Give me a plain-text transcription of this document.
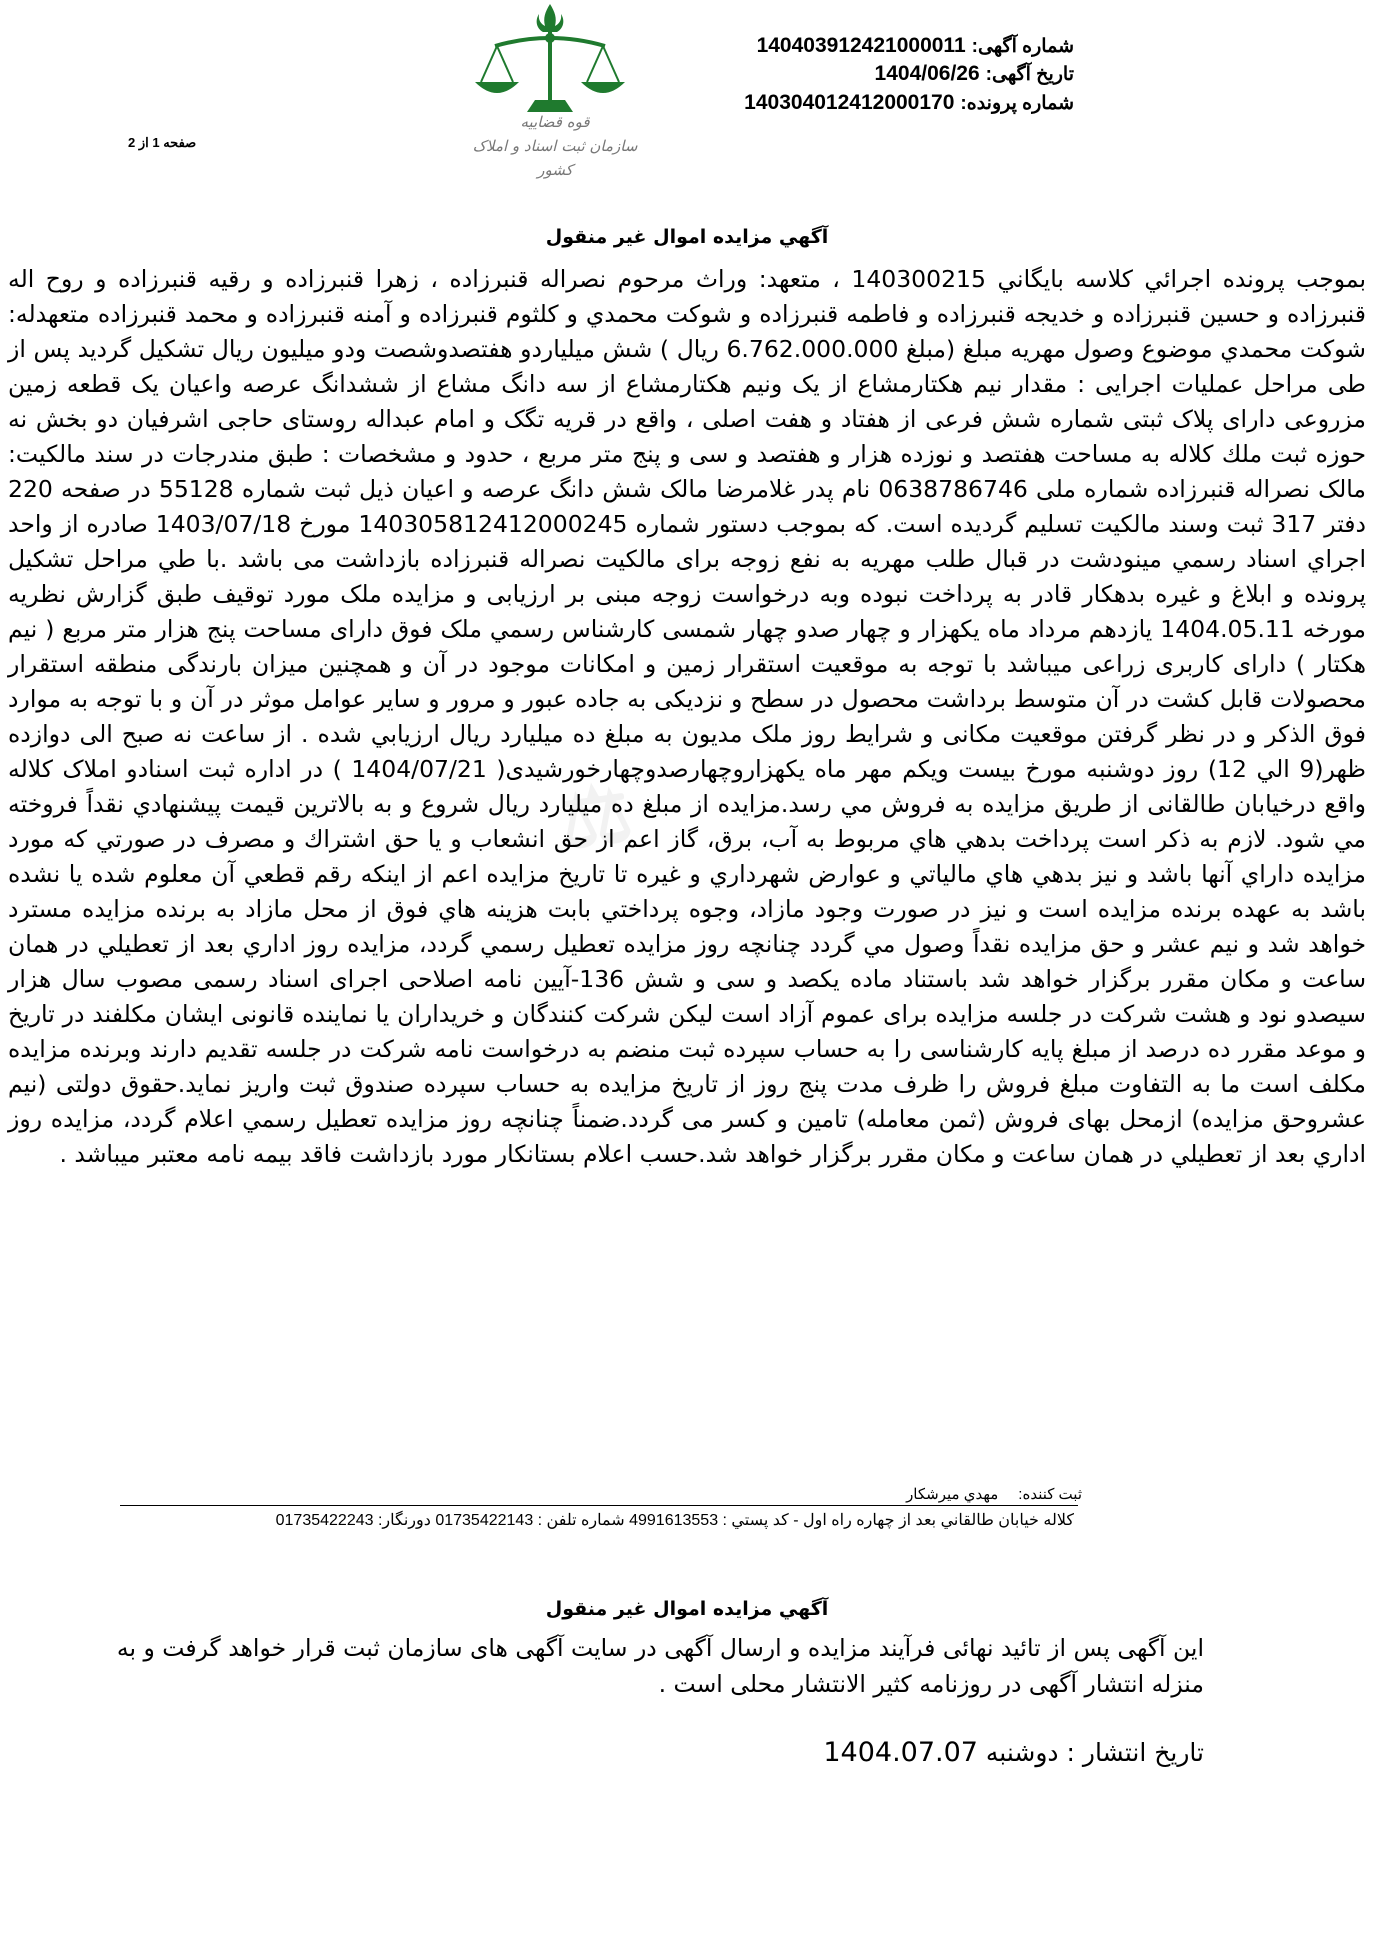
⚖
شماره آگهی:140403912421000011
تاریخ آگهی:1404/06/26
شماره پرونده:140304012412000170
قوه قضاییه
سازمان ثبت اسناد و املاک کشور
صفحه 1 از 2
آگهي مزايده اموال غير منقول

بموجب پرونده اجرائي كلاسه بايگاني 140300215 ، متعهد: وراث مرحوم نصراله قنبرزاده ، زهرا قنبرزاده و رقيه قنبرزاده و روح اله قنبرزاده و حسين قنبرزاده و خديجه قنبرزاده و فاطمه قنبرزاده و شوكت محمدي و كلثوم قنبرزاده و آمنه قنبرزاده و محمد قنبرزاده متعهدله: شوكت محمدي موضوع وصول مهريه مبلغ (مبلغ 6.762.000.000 ريال ) شش ميلياردو هفتصدوشصت ودو ميليون ريال تشكيل گرديد پس از طی مراحل عملیات اجرایی : مقدار نیم هکتارمشاع از یک ونیم هکتارمشاع از سه دانگ مشاع از ششدانگ عرصه واعیان یک قطعه زمین مزروعی دارای پلاک ثبتی شماره شش فرعی از هفتاد و هفت اصلی ، واقع در قریه تگک و امام عبداله روستای حاجی اشرفیان دو بخش نه حوزه ثبت ملك كلاله به مساحت هفتصد و نوزده هزار و هفتصد و سی و پنج متر مربع ، حدود و مشخصات : طبق مندرجات در سند مالکیت: مالک نصراله قنبرزاده شماره ملی 0638786746 نام پدر غلامرضا مالک شش دانگ عرصه و اعیان ذیل ثبت شماره 55128 در صفحه 220 دفتر 317 ثبت وسند مالکیت تسلیم گردیده است. که بموجب دستور شماره 140305812412000245 مورخ 1403/07/18 صادره از واحد اجراي اسناد رسمي مينودشت در قبال طلب مهریه به نفع زوجه برای مالکیت نصراله قنبرزاده بازداشت می باشد .با طي مراحل تشكيل پرونده و ابلاغ و غیره بدهکار قادر به پرداخت نبوده وبه درخواست زوجه مبنی بر ارزیابی و مزایده ملک مورد توقیف طبق گزارش نظریه مورخه 1404.05.11 یازدهم مرداد ماه یکهزار و چهار صدو چهار شمسی کارشناس رسمي ملک فوق دارای مساحت پنج هزار متر مربع ( نیم هکتار ) دارای کاربری زراعی میباشد با توجه به موقعیت استقرار زمین و امکانات موجود در آن و همچنین میزان بارندگی منطقه استقرار محصولات قابل کشت در آن متوسط برداشت محصول در سطح و نزدیکی به جاده عبور و مرور و سایر عوامل موثر در آن و با توجه به موارد فوق الذکر و در نظر گرفتن موقعیت مکانی و شرایط روز ملک مدیون به مبلغ ده میلیارد ريال ارزيابي شده . از ساعت نه صبح الی دوازده ظهر(9 الي 12) روز دوشنبه مورخ بیست ویکم مهر ماه یکهزاروچهارصدوچهارخورشیدی( 1404/07/21 ) در اداره ثبت اسنادو املاک کلاله واقع درخیابان طالقانی از طريق مزايده به فروش مي رسد.مزايده از مبلغ ده میلیارد ريال شروع و به بالاترين قيمت پيشنهادي نقداً فروخته مي شود. لازم به ذكر است پرداخت بدهي هاي مربوط به آب، برق، گاز اعم از حق انشعاب و يا حق اشتراك و مصرف در صورتي كه مورد مزايده داراي آنها باشد و نيز بدهي هاي مالياتي و عوارض شهرداري و غيره تا تاريخ مزايده اعم از اينكه رقم قطعي آن معلوم شده يا نشده باشد به عهده برنده مزايده است و نيز در صورت وجود مازاد، وجوه پرداختي بابت هزينه هاي فوق از محل مازاد به برنده مزايده مسترد خواهد شد و نيم عشر و حق مزايده نقداً وصول مي گردد چنانچه روز مزايده تعطيل رسمي گردد، مزايده روز اداري بعد از تعطيلي در همان ساعت و مكان مقرر برگزار خواهد شد باستناد ماده یکصد و سی و شش 136-آیین نامه اصلاحی اجرای اسناد رسمی مصوب سال هزار سیصدو نود و هشت شرکت در جلسه مزایده برای عموم آزاد است لیکن شرکت کنندگان و خریداران یا نماینده قانونی ایشان مکلفند در تاریخ و موعد مقرر ده درصد از مبلغ پایه کارشناسی را به حساب سپرده ثبت منضم به درخواست نامه شرکت در جلسه تقدیم دارند وبرنده مزایده مکلف است ما به التفاوت مبلغ فروش را ظرف مدت پنج روز از تاریخ مزایده به حساب سپرده صندوق ثبت واریز نماید.حقوق دولتی (نیم عشروحق مزایده) ازمحل بهای فروش (ثمن معامله) تامین و کسر می گردد.ضمناً چنانچه روز مزايده تعطيل رسمي اعلام گردد، مزايده روز اداري بعد از تعطيلي در همان ساعت و مكان مقرر برگزار خواهد شد.حسب اعلام بستانکار مورد بازداشت فاقد بیمه نامه معتبر میباشد .

ثبت كننده:مهدي ميرشكار
كلاله خيابان طالقاني بعد از چهاره راه اول - كد پستي : 4991613553 شماره تلفن : 01735422143 دورنگار: 01735422243
آگهي مزايده اموال غير منقول
این آگهی پس از تائید نهائی فرآیند مزایده و ارسال آگهی در سایت آگهی های سازمان ثبت قرار خواهد گرفت و به منزله انتشار آگهی در روزنامه کثیر الانتشار محلی است .
تاریخ انتشار : دوشنبه 1404.07.07
